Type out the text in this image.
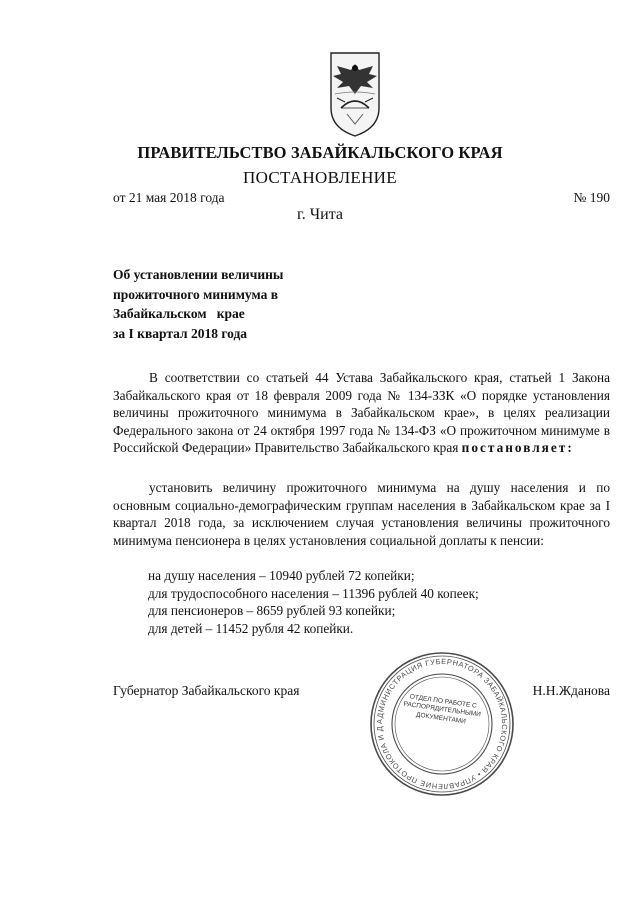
ПРАВИТЕЛЬСТВО ЗАБАЙКАЛЬСКОГО КРАЯ
ПОСТАНОВЛЕНИЕ
от 21 мая 2018 года	№ 190
г. Чита
Об установлении величины
прожиточного минимума в
Забайкальском   крае
за I квартал 2018 года

В соответствии со статьей 44 Устава Забайкальского края, статьей 1 Закона Забайкальского края от 18 февраля 2009 года № 134-ЗЗК «О порядке установления величины прожиточного минимума в Забайкальском крае», в целях реализации Федерального закона от 24 октября 1997 года № 134-ФЗ «О прожиточном минимуме в Российской Федерации» Правительство Забайкальского края постановляет:

установить величину прожиточного минимума на душу населения и по основным социально-демографическим группам населения в Забайкальском крае за I квартал 2018 года, за исключением случая установления величины прожиточного минимума пенсионера в целях установления социальной доплаты к пенсии:

на душу населения – 10940 рублей 72 копейки;
для трудоспособного населения – 11396 рублей 40 копеек;
для пенсионеров – 8659 рублей 93 копейки;
для детей – 11452 рубля 42 копейки.
Губернатор Забайкальского края	Н.Н.Жданова
АДМИНИСТРАЦИЯ ГУБЕРНАТОРА ЗАБАЙКАЛЬСКОГО КРАЯ • УПРАВЛЕНИЕ ПРОТОКОЛА И Д
ОТДЕЛ ПО РАБОТЕ С РАСПОРЯДИТЕЛЬНЫМИ ДОКУМЕНТАМИ
